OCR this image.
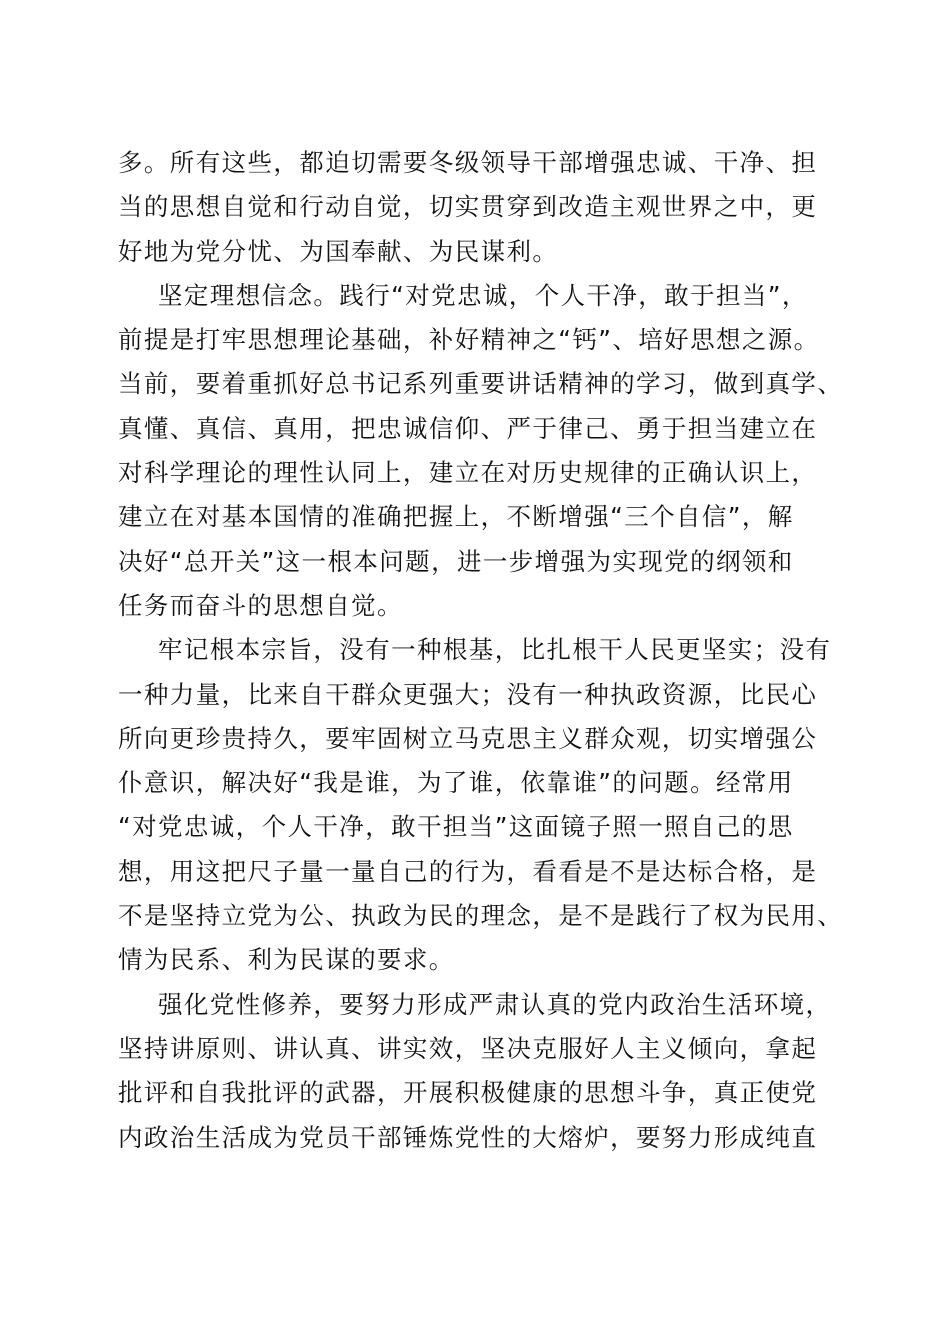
多。所有这些，都迫切需要冬级领导干部增强忠诚、干净、担
当的思想自觉和行动自觉，切实贯穿到改造主观世界之中，更
好地为党分忧、为国奉献、为民谋利。
坚定理想信念。践行“对党忠诚，个人干净，敢于担当”，
前提是打牢思想理论基础，补好精神之“钙”、培好思想之源。
当前，要着重抓好总书记系列重要讲话精神的学习，做到真学、
真懂、真信、真用，把忠诚信仰、严于律己、勇于担当建立在
对科学理论的理性认同上，建立在对历史规律的正确认识上，
建立在对基本国情的准确把握上，不断增强“三个自信”，解
决好“总开关”这一根本问题，进一步增强为实现党的纲领和
任务而奋斗的思想自觉。
牢记根本宗旨，没有一种根基，比扎根干人民更坚实；没有
一种力量，比来自干群众更强大；没有一种执政资源，比民心
所向更珍贵持久，要牢固树立马克思主义群众观，切实增强公
仆意识，解决好“我是谁，为了谁，依靠谁”的问题。经常用
“对党忠诚，个人干净，敢干担当”这面镜子照一照自己的思
想，用这把尺子量一量自己的行为，看看是不是达标合格，是
不是坚持立党为公、执政为民的理念，是不是践行了权为民用、
情为民系、利为民谋的要求。
强化党性修养，要努力形成严肃认真的党内政治生活环境，
坚持讲原则、讲认真、讲实效，坚决克服好人主义倾向，拿起
批评和自我批评的武器，开展积极健康的思想斗争，真正使党
内政治生活成为党员干部锤炼党性的大熔炉，要努力形成纯直
